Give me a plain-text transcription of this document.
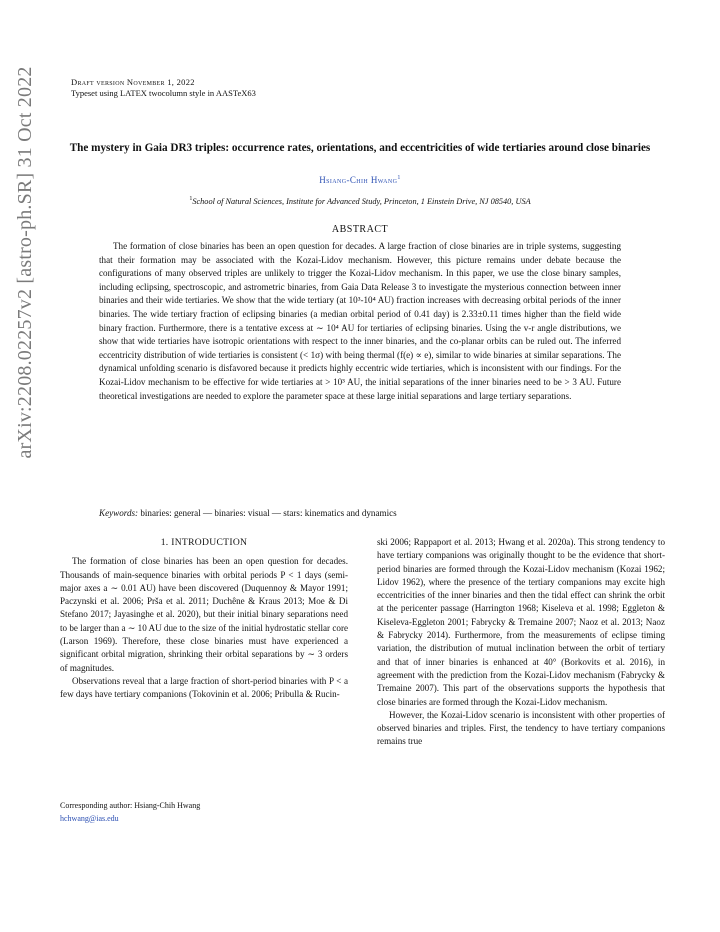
arXiv:2208.02257v2 [astro-ph.SR] 31 Oct 2022	Draft version November 1, 2022
Typeset using LATEX twocolumn style in AASTeX63
The mystery in Gaia DR3 triples: occurrence rates, orientations, and eccentricities of wide tertiaries around close binaries
Hsiang-Chih Hwang$^1$
$^1$School of Natural Sciences, Institute for Advanced Study, Princeton, 1 Einstein Drive, NJ 08540, USA
ABSTRACT
The formation of close binaries has been an open question for decades. A large fraction of close binaries are in triple systems, suggesting that their formation may be associated with the Kozai-Lidov mechanism. However, this picture remains under debate because the configurations of many observed triples are unlikely to trigger the Kozai-Lidov mechanism. In this paper, we use the close binary samples, including eclipsing, spectroscopic, and astrometric binaries, from Gaia Data Release 3 to investigate the mysterious connection between inner binaries and their wide tertiaries. We show that the wide tertiary (at 10³-10⁴ AU) fraction increases with decreasing orbital periods of the inner binaries. The wide tertiary fraction of eclipsing binaries (a median orbital period of 0.41 day) is 2.33±0.11 times higher than the field wide binary fraction. Furthermore, there is a tentative excess at ∼ 10⁴ AU for tertiaries of eclipsing binaries. Using the v-r angle distributions, we show that wide tertiaries have isotropic orientations with respect to the inner binaries, and the co-planar orbits can be ruled out. The inferred eccentricity distribution of wide tertiaries is consistent (< 1σ) with being thermal (f(e) ∝ e), similar to wide binaries at similar separations. The dynamical unfolding scenario is disfavored because it predicts highly eccentric wide tertiaries, which is inconsistent with our findings. For the Kozai-Lidov mechanism to be effective for wide tertiaries at > 10³ AU, the initial separations of the inner binaries need to be > 3 AU. Future theoretical investigations are needed to explore the parameter space at these large initial separations and large tertiary separations.
Keywords: binaries: general — binaries: visual — stars: kinematics and dynamics
1. INTRODUCTION

The formation of close binaries has been an open question for decades. Thousands of main-sequence binaries with orbital periods P < 1 days (semi-major axes a ∼ 0.01 AU) have been discovered (Duquennoy & Mayor 1991; Paczynski et al. 2006; Prša et al. 2011; Duchêne & Kraus 2013; Moe & Di Stefano 2017; Jayasinghe et al. 2020), but their initial binary separations need to be larger than a ∼ 10 AU due to the size of the initial hydrostatic stellar core (Larson 1969). Therefore, these close binaries must have experienced a significant orbital migration, shrinking their orbital separations by ∼ 3 orders of magnitudes.

Observations reveal that a large fraction of short-period binaries with P < a few days have tertiary companions (Tokovinin et al. 2006; Pribulla & Rucin-

ski 2006; Rappaport et al. 2013; Hwang et al. 2020a). This strong tendency to have tertiary companions was originally thought to be the evidence that short-period binaries are formed through the Kozai-Lidov mechanism (Kozai 1962; Lidov 1962), where the presence of the tertiary companions may excite high eccentricities of the inner binaries and then the tidal effect can shrink the orbit at the pericenter passage (Harrington 1968; Kiseleva et al. 1998; Eggleton & Kiseleva-Eggleton 2001; Fabrycky & Tremaine 2007; Naoz et al. 2013; Naoz & Fabrycky 2014). Furthermore, from the measurements of eclipse timing variation, the distribution of mutual inclination between the orbit of tertiary and that of inner binaries is enhanced at 40° (Borkovits et al. 2016), in agreement with the prediction from the Kozai-Lidov mechanism (Fabrycky & Tremaine 2007). This part of the observations supports the hypothesis that close binaries are formed through the Kozai-Lidov mechanism.

However, the Kozai-Lidov scenario is inconsistent with other properties of observed binaries and triples. First, the tendency to have tertiary companions remains true

Corresponding author: Hsiang-Chih Hwang
hchwang@ias.edu
